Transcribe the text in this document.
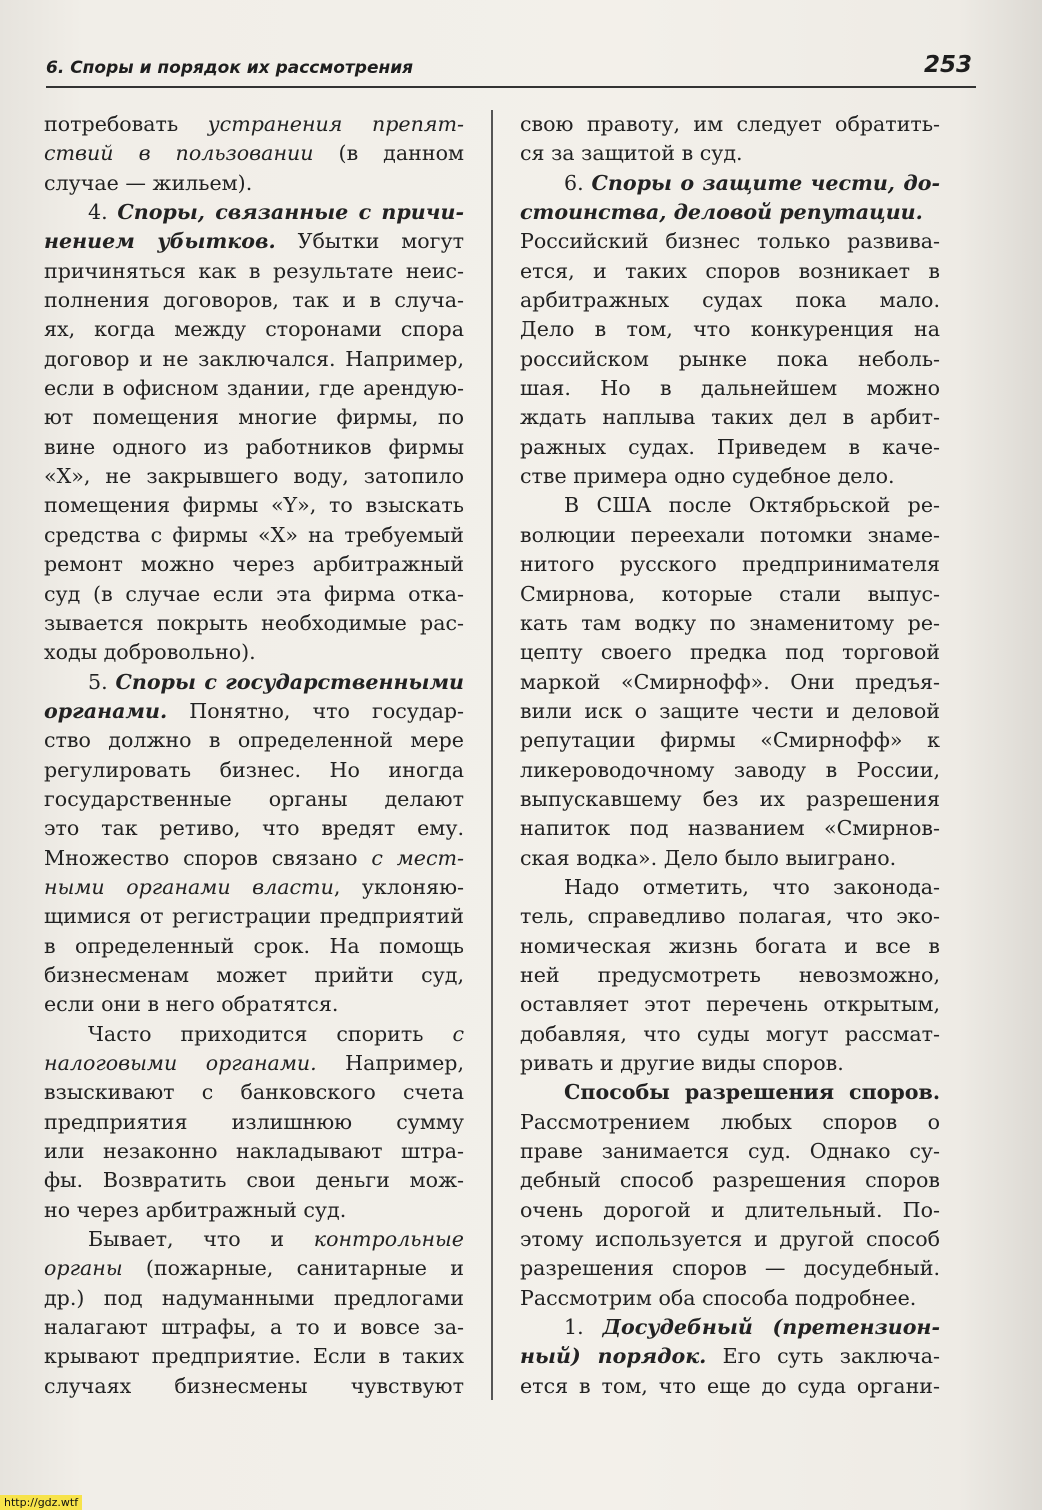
6. Споры и порядок их рассмотрения	253
потребовать устранения препят-
ствий в пользовании (в данном
случае — жильем).
4. Споры, связанные с причи-
нением убытков. Убытки могут
причиняться как в результате неис-
полнения договоров, так и в случа-
ях, когда между сторонами спора
договор и не заключался. Например,
если в офисном здании, где арендую-
ют помещения многие фирмы, по
вине одного из работников фирмы
«X», не закрывшего воду, затопило
помещения фирмы «Y», то взыскать
средства с фирмы «X» на требуемый
ремонт можно через арбитражный
суд (в случае если эта фирма отка-
зывается покрыть необходимые рас-
ходы добровольно).
5. Споры с государственными
органами. Понятно, что государ-
ство должно в определенной мере
регулировать бизнес. Но иногда
государственные органы делают
это так ретиво, что вредят ему.
Множество споров связано с мест-
ными органами власти, уклоняю-
щимися от регистрации предприятий
в определенный срок. На помощь
бизнесменам может прийти суд,
если они в него обратятся.
Часто приходится спорить с
налоговыми органами. Например,
взыскивают с банковского счета
предприятия излишнюю сумму
или незаконно накладывают штра-
фы. Возвратить свои деньги мож-
но через арбитражный суд.
Бывает, что и контрольные
органы (пожарные, санитарные и
др.) под надуманными предлогами
налагают штрафы, а то и вовсе за-
крывают предприятие. Если в таких
случаях бизнесмены чувствуют
свою правоту, им следует обратить-
ся за защитой в суд.
6. Споры о защите чести, до-
стоинства, деловой репутации.
Российский бизнес только развива-
ется, и таких споров возникает в
арбитражных судах пока мало.
Дело в том, что конкуренция на
российском рынке пока неболь-
шая. Но в дальнейшем можно
ждать наплыва таких дел в арбит-
ражных судах. Приведем в каче-
стве примера одно судебное дело.
В США после Октябрьской ре-
волюции переехали потомки знаме-
нитого русского предпринимателя
Смирнова, которые стали выпус-
кать там водку по знаменитому ре-
цепту своего предка под торговой
маркой «Смирнофф». Они предъя-
вили иск о защите чести и деловой
репутации фирмы «Смирнофф» к
ликероводочному заводу в России,
выпускавшему без их разрешения
напиток под названием «Смирнов-
ская водка». Дело было выиграно.
Надо отметить, что законода-
тель, справедливо полагая, что эко-
номическая жизнь богата и все в
ней предусмотреть невозможно,
оставляет этот перечень открытым,
добавляя, что суды могут рассмат-
ривать и другие виды споров.
Способы разрешения споров.
Рассмотрением любых споров о
праве занимается суд. Однако су-
дебный способ разрешения споров
очень дорогой и длительный. По-
этому используется и другой способ
разрешения споров — досудебный.
Рассмотрим оба способа подробнее.
1. Досудебный (претензион-
ный) порядок. Его суть заключа-
ется в том, что еще до суда органи-
http://gdz.wtf
